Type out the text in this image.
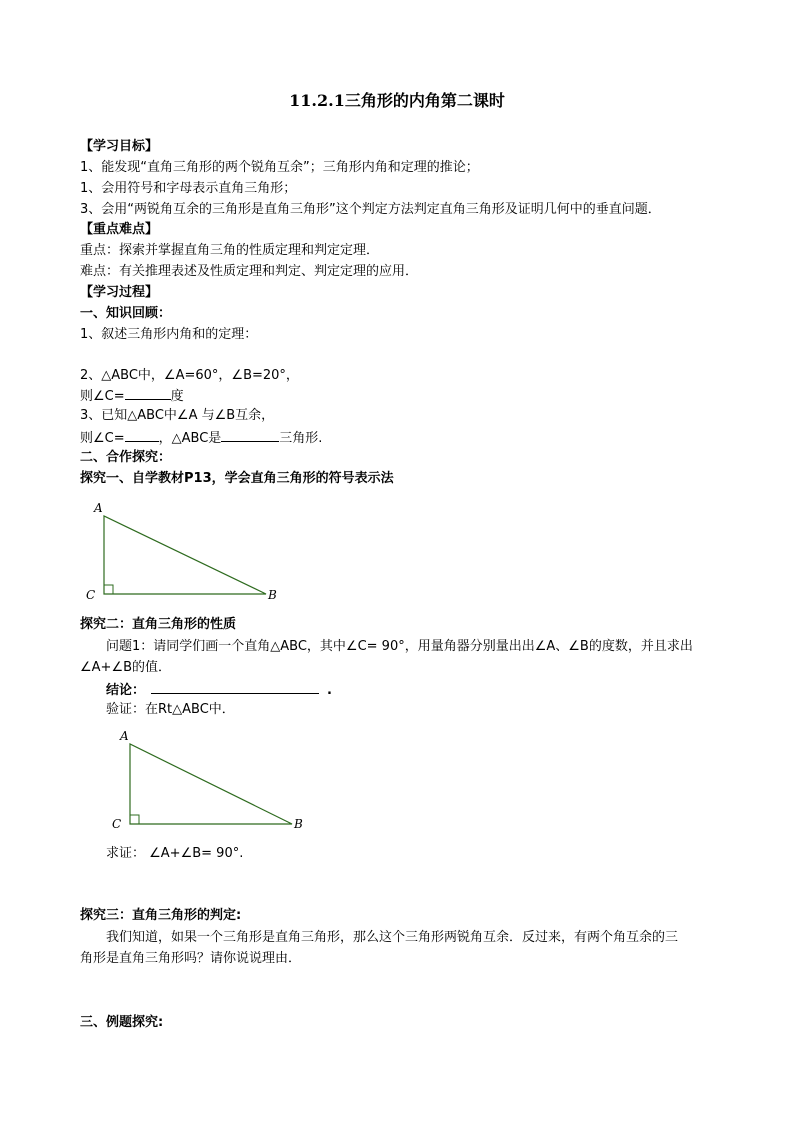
11.2.1三角形的内角第二课时
【学习目标】
1、能发现“直角三角形的两个锐角互余”；三角形内角和定理的推论；
1、会用符号和字母表示直角三角形；
3、会用“两锐角互余的三角形是直角三角形”这个判定方法判定直角三角形及证明几何中的垂直问题．
【重点难点】
重点：探索并掌握直角三角的性质定理和判定定理．
难点：有关推理表述及性质定理和判定、判定定理的应用．
【学习过程】
一、知识回顾：
1、叙述三角形内角和的定理：
2、△ABC中，∠A=60°，∠B=20°，
则∠C=	度
3、已知△ABC中∠A 与∠B互余，
则∠C=	，△ABC是	三角形.
二、合作探究：
探究一、自学教材P13，学会直角三角形的符号表示法
A
C	B
探究二：直角三角形的性质
问题1：请同学们画一个直角△ABC，其中∠C= 90°，用量角器分别量出出∠A、∠B的度数，并且求出
∠A+∠B的值．
结论：	.
验证：在Rt△ABC中．
A
C	B
求证： ∠A+∠B= 90°.
探究三：直角三角形的判定:
我们知道，如果一个三角形是直角三角形，那么这个三角形两锐角互余．反过来，有两个角互余的三
角形是直角三角形吗？请你说说理由．
三、例题探究:
